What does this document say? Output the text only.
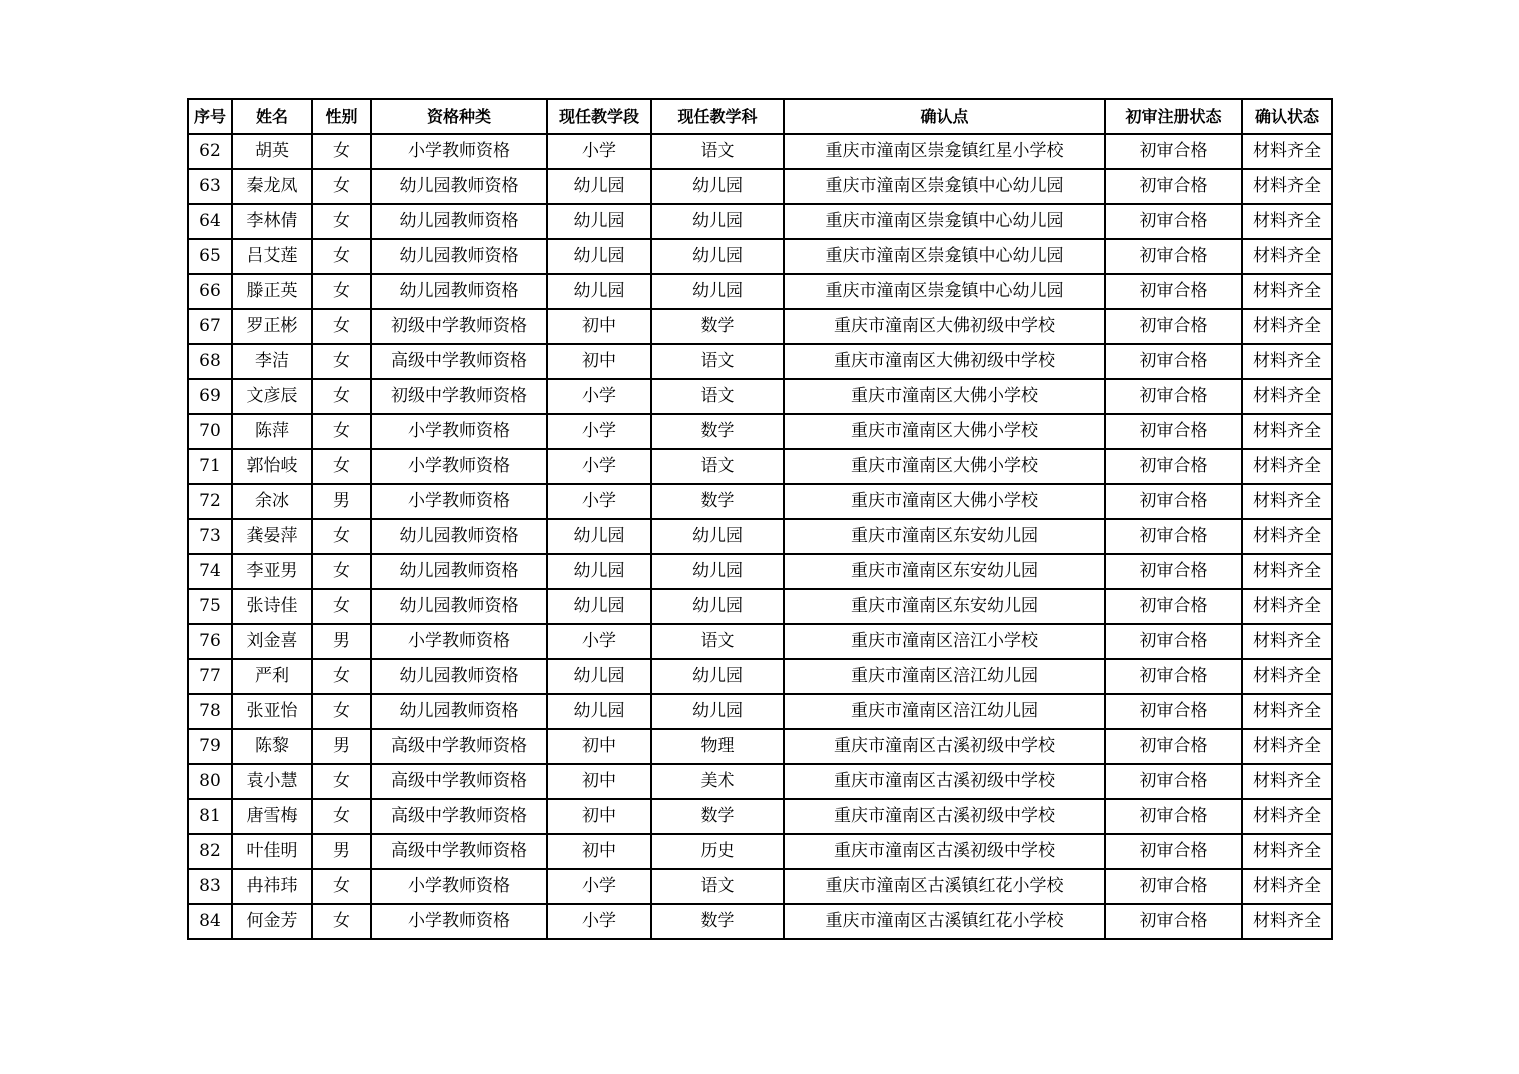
序号	姓名	性别	资格种类	现任教学段	现任教学科	确认点	初审注册状态	确认状态
62	胡英	女	小学教师资格	小学	语文	重庆市潼南区崇龛镇红星小学校	初审合格	材料齐全
63	秦龙凤	女	幼儿园教师资格	幼儿园	幼儿园	重庆市潼南区崇龛镇中心幼儿园	初审合格	材料齐全
64	李林倩	女	幼儿园教师资格	幼儿园	幼儿园	重庆市潼南区崇龛镇中心幼儿园	初审合格	材料齐全
65	吕艾莲	女	幼儿园教师资格	幼儿园	幼儿园	重庆市潼南区崇龛镇中心幼儿园	初审合格	材料齐全
66	滕正英	女	幼儿园教师资格	幼儿园	幼儿园	重庆市潼南区崇龛镇中心幼儿园	初审合格	材料齐全
67	罗正彬	女	初级中学教师资格	初中	数学	重庆市潼南区大佛初级中学校	初审合格	材料齐全
68	李洁	女	高级中学教师资格	初中	语文	重庆市潼南区大佛初级中学校	初审合格	材料齐全
69	文彦辰	女	初级中学教师资格	小学	语文	重庆市潼南区大佛小学校	初审合格	材料齐全
70	陈萍	女	小学教师资格	小学	数学	重庆市潼南区大佛小学校	初审合格	材料齐全
71	郭怡岐	女	小学教师资格	小学	语文	重庆市潼南区大佛小学校	初审合格	材料齐全
72	余冰	男	小学教师资格	小学	数学	重庆市潼南区大佛小学校	初审合格	材料齐全
73	龚晏萍	女	幼儿园教师资格	幼儿园	幼儿园	重庆市潼南区东安幼儿园	初审合格	材料齐全
74	李亚男	女	幼儿园教师资格	幼儿园	幼儿园	重庆市潼南区东安幼儿园	初审合格	材料齐全
75	张诗佳	女	幼儿园教师资格	幼儿园	幼儿园	重庆市潼南区东安幼儿园	初审合格	材料齐全
76	刘金喜	男	小学教师资格	小学	语文	重庆市潼南区涪江小学校	初审合格	材料齐全
77	严利	女	幼儿园教师资格	幼儿园	幼儿园	重庆市潼南区涪江幼儿园	初审合格	材料齐全
78	张亚怡	女	幼儿园教师资格	幼儿园	幼儿园	重庆市潼南区涪江幼儿园	初审合格	材料齐全
79	陈黎	男	高级中学教师资格	初中	物理	重庆市潼南区古溪初级中学校	初审合格	材料齐全
80	袁小慧	女	高级中学教师资格	初中	美术	重庆市潼南区古溪初级中学校	初审合格	材料齐全
81	唐雪梅	女	高级中学教师资格	初中	数学	重庆市潼南区古溪初级中学校	初审合格	材料齐全
82	叶佳明	男	高级中学教师资格	初中	历史	重庆市潼南区古溪初级中学校	初审合格	材料齐全
83	冉祎玮	女	小学教师资格	小学	语文	重庆市潼南区古溪镇红花小学校	初审合格	材料齐全
84	何金芳	女	小学教师资格	小学	数学	重庆市潼南区古溪镇红花小学校	初审合格	材料齐全
